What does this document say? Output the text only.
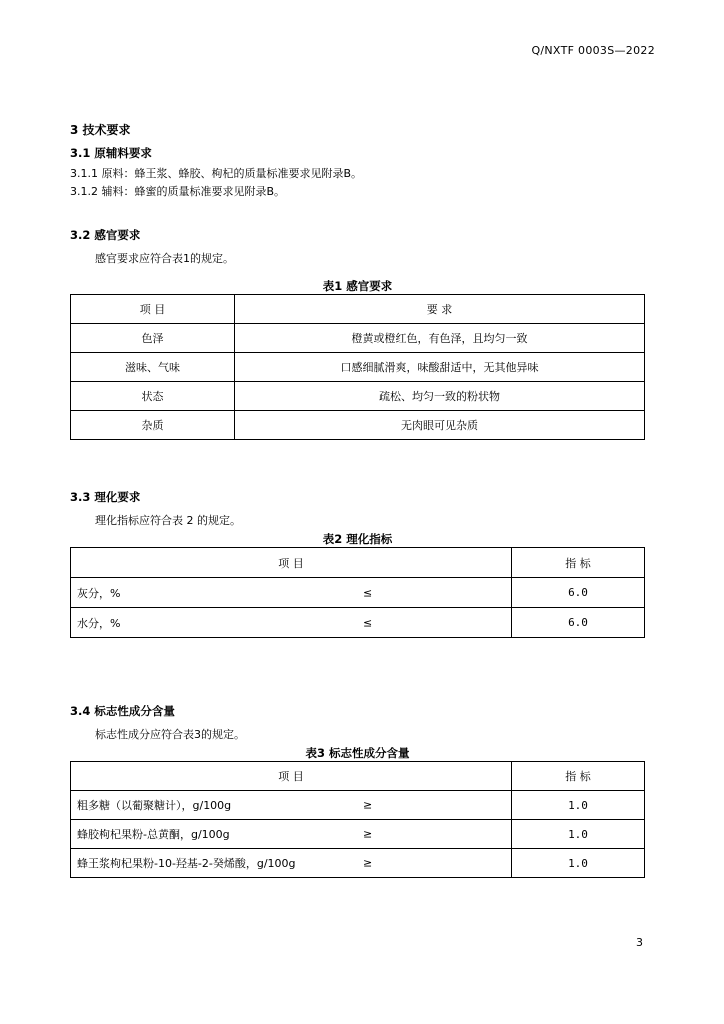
Q/NXTF 0003S—2022
3 技术要求
3.1 原辅料要求
3.1.1 原料：蜂王浆、蜂胶、枸杞的质量标准要求见附录B。
3.1.2 辅料：蜂蜜的质量标准要求见附录B。
3.2 感官要求
感官要求应符合表1的规定。
表1 感官要求
项 目	要 求
色泽	橙黄或橙红色，有色泽，且均匀一致
滋味、气味	口感细腻滑爽，味酸甜适中，无其他异味
状态	疏松、均匀一致的粉状物
杂质	无肉眼可见杂质
3.3 理化要求
理化指标应符合表 2 的规定。
表2 理化指标
项 目	指 标
灰分，% ≤	6.0
水分，% ≤	6.0
3.4 标志性成分含量
标志性成分应符合表3的规定。
表3 标志性成分含量
项 目	指 标
粗多糖（以葡聚糖计），g/100g ≥	1.0
蜂胶枸杞果粉-总黄酮，g/100g ≥	1.0
蜂王浆枸杞果粉-10-羟基-2-癸烯酸，g/100g ≥	1.0
3
